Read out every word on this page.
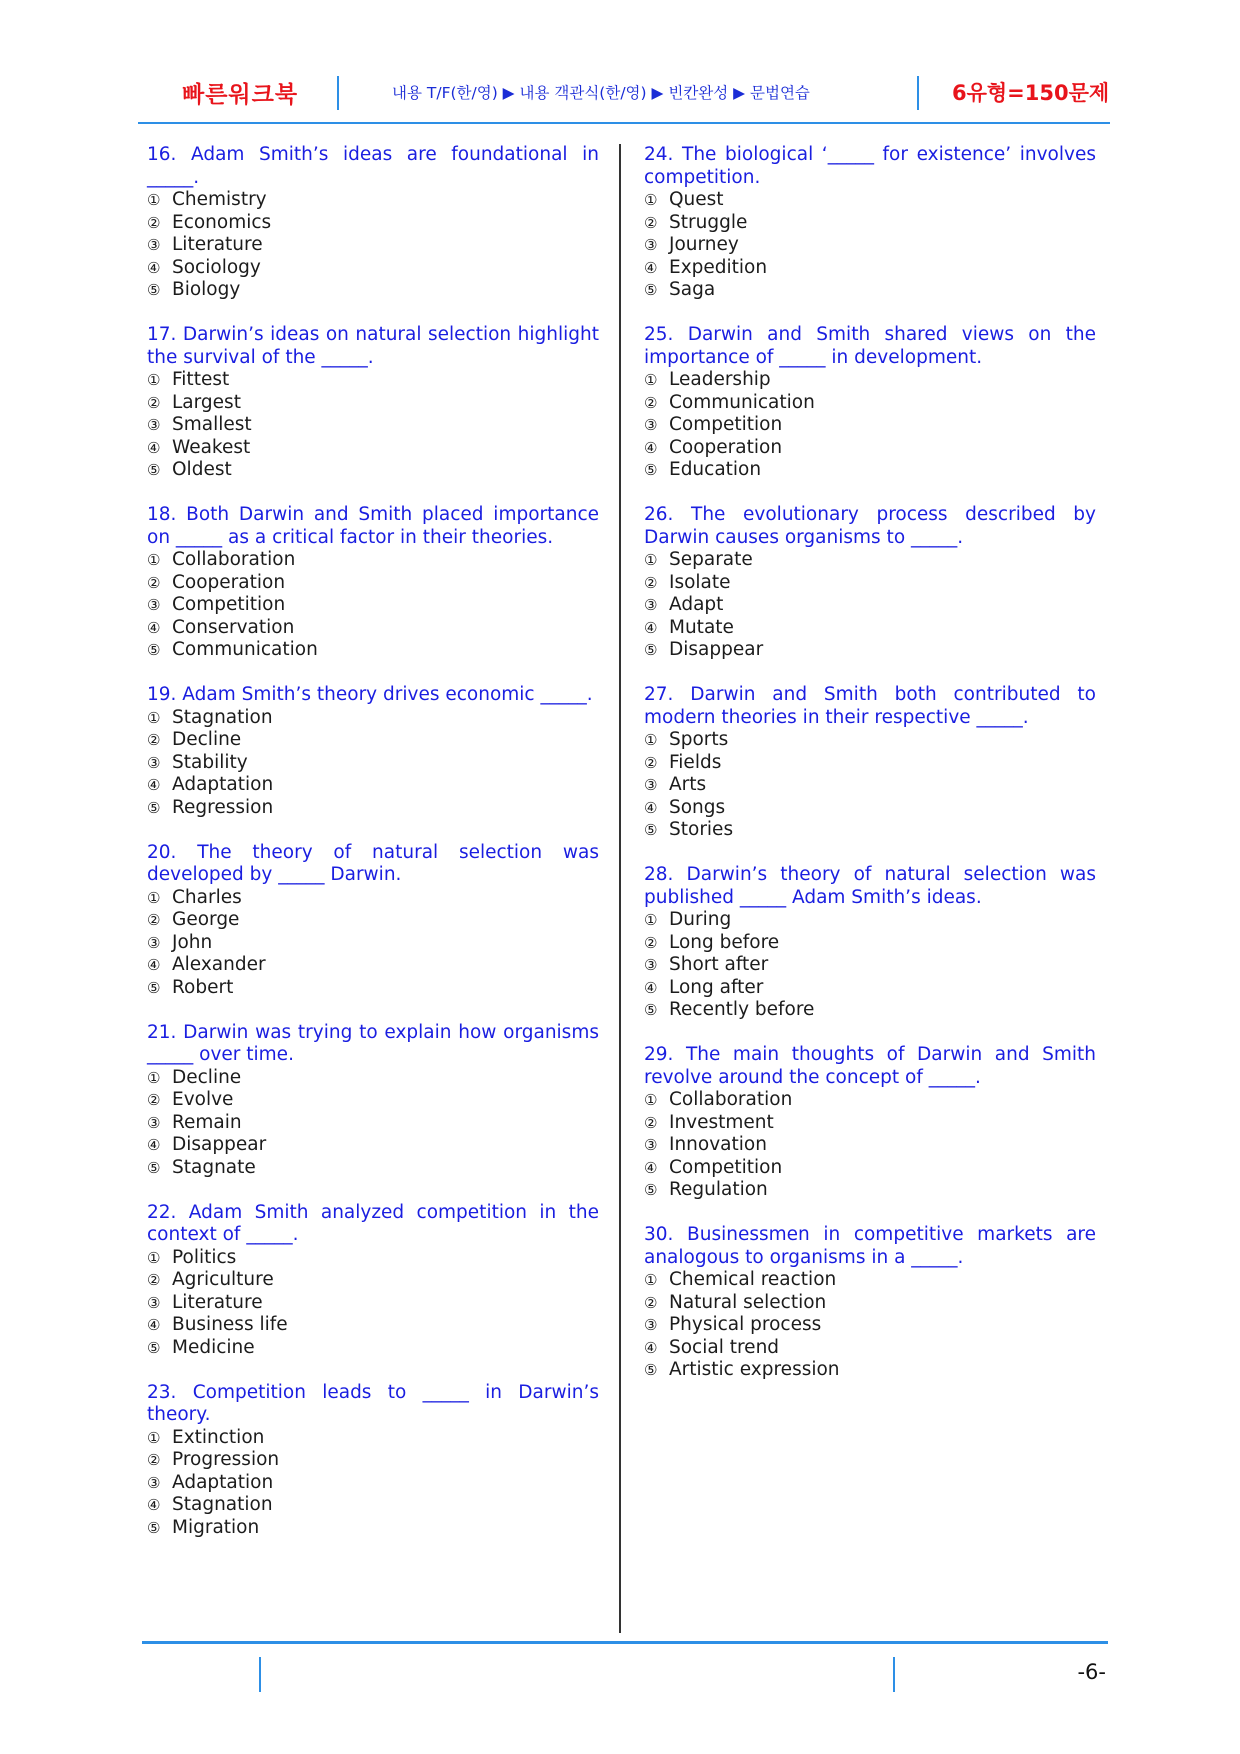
빠른워크북	내용 T/F(한/영) ▶ 내용 객관식(한/영) ▶ 빈칸완성 ▶ 문법연습	6유형=150문제
16. Adam Smith’s ideas are foundational in _____.
① Chemistry
② Economics
③ Literature
④ Sociology
⑤ Biology
17. Darwin’s ideas on natural selection highlight the survival of the _____.
① Fittest
② Largest
③ Smallest
④ Weakest
⑤ Oldest
18. Both Darwin and Smith placed importance on _____ as a critical factor in their theories.
① Collaboration
② Cooperation
③ Competition
④ Conservation
⑤ Communication
19. Adam Smith’s theory drives economic _____.
① Stagnation
② Decline
③ Stability
④ Adaptation
⑤ Regression
20. The theory of natural selection was developed by _____ Darwin.
① Charles
② George
③ John
④ Alexander
⑤ Robert
21. Darwin was trying to explain how organisms _____ over time.
① Decline
② Evolve
③ Remain
④ Disappear
⑤ Stagnate
22. Adam Smith analyzed competition in the context of _____.
① Politics
② Agriculture
③ Literature
④ Business life
⑤ Medicine
23. Competition leads to _____ in Darwin’s theory.
① Extinction
② Progression
③ Adaptation
④ Stagnation
⑤ Migration
24. The biological ‘_____ for existence’ involves competition.
① Quest
② Struggle
③ Journey
④ Expedition
⑤ Saga
25. Darwin and Smith shared views on the importance of _____ in development.
① Leadership
② Communication
③ Competition
④ Cooperation
⑤ Education
26. The evolutionary process described by Darwin causes organisms to _____.
① Separate
② Isolate
③ Adapt
④ Mutate
⑤ Disappear
27. Darwin and Smith both contributed to modern theories in their respective _____.
① Sports
② Fields
③ Arts
④ Songs
⑤ Stories
28. Darwin’s theory of natural selection was published _____ Adam Smith’s ideas.
① During
② Long before
③ Short after
④ Long after
⑤ Recently before
29. The main thoughts of Darwin and Smith revolve around the concept of _____.
① Collaboration
② Investment
③ Innovation
④ Competition
⑤ Regulation
30. Businessmen in competitive markets are analogous to organisms in a _____.
① Chemical reaction
② Natural selection
③ Physical process
④ Social trend
⑤ Artistic expression
-6-
